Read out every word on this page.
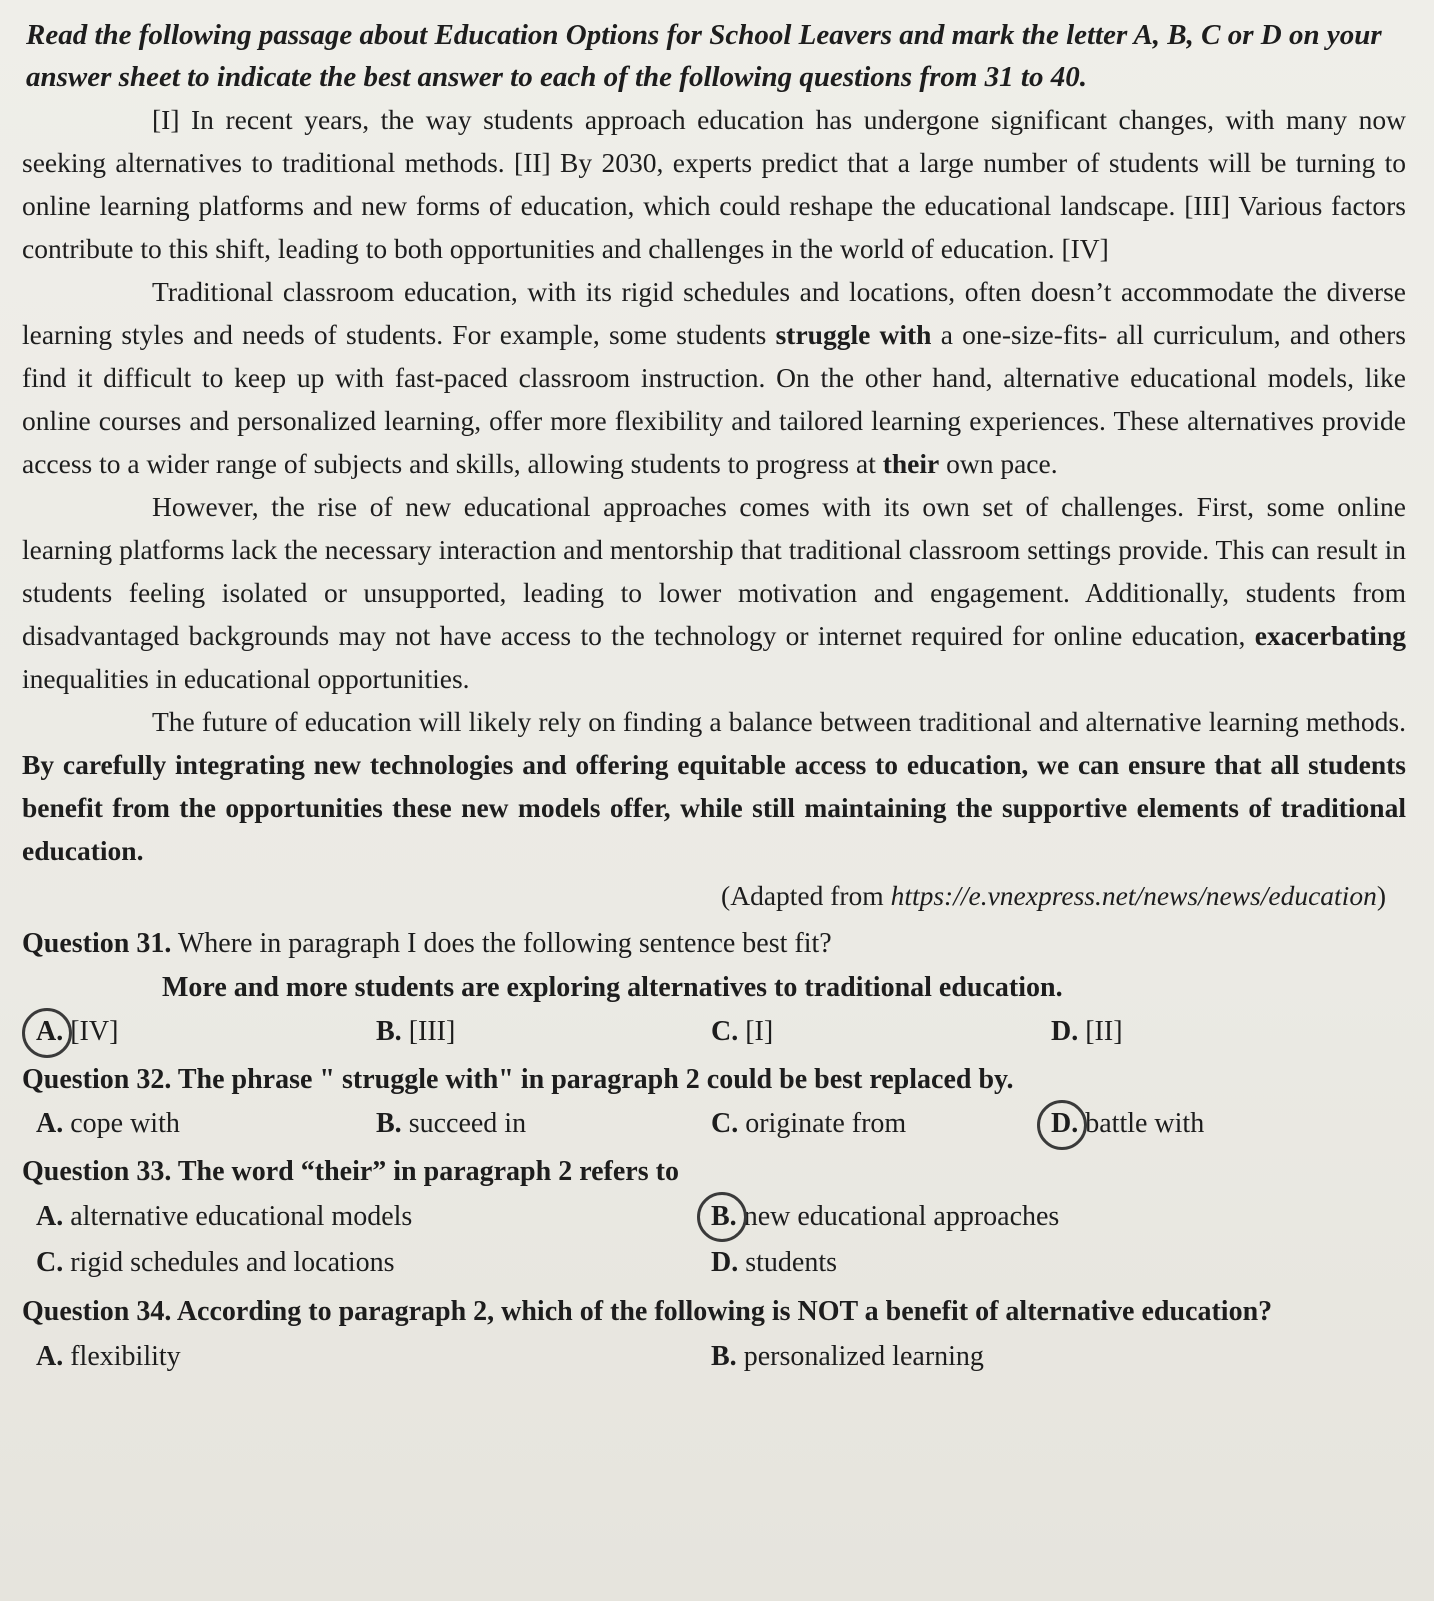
Read the following passage about Education Options for School Leavers and mark the letter A, B, C or D on your answer sheet to indicate the best answer to each of the following questions from 31 to 40.

[I] In recent years, the way students approach education has undergone significant changes, with many now seeking alternatives to traditional methods. [II] By 2030, experts predict that a large number of students will be turning to online learning platforms and new forms of education, which could reshape the educational landscape. [III] Various factors contribute to this shift, leading to both opportunities and challenges in the world of education. [IV]

Traditional classroom education, with its rigid schedules and locations, often doesn’t accommodate the diverse learning styles and needs of students. For example, some students struggle with a one-size-fits- all curriculum, and others find it difficult to keep up with fast-paced classroom instruction. On the other hand, alternative educational models, like online courses and personalized learning, offer more flexibility and tailored learning experiences. These alternatives provide access to a wider range of subjects and skills, allowing students to progress at their own pace.

However, the rise of new educational approaches comes with its own set of challenges. First, some online learning platforms lack the necessary interaction and mentorship that traditional classroom settings provide. This can result in students feeling isolated or unsupported, leading to lower motivation and engagement. Additionally, students from disadvantaged backgrounds may not have access to the technology or internet required for online education, exacerbating inequalities in educational opportunities.

The future of education will likely rely on finding a balance between traditional and alternative learning methods. By carefully integrating new technologies and offering equitable access to education, we can ensure that all students benefit from the opportunities these new models offer, while still maintaining the supportive elements of traditional education.

(Adapted from https://e.vnexpress.net/news/news/education)

Question 31. Where in paragraph I does the following sentence best fit?

More and more students are exploring alternatives to traditional education.

A. [IV]	B. [III]	C. [I]	D. [II]

Question 32. The phrase " struggle with" in paragraph 2 could be best replaced by.

A. cope with	B. succeed in	C. originate from	D. battle with

Question 33. The word “their” in paragraph 2 refers to

A. alternative educational models	B. new educational approaches
C. rigid schedules and locations	D. students

Question 34. According to paragraph 2, which of the following is NOT a benefit of alternative education?

A. flexibility	B. personalized learning
